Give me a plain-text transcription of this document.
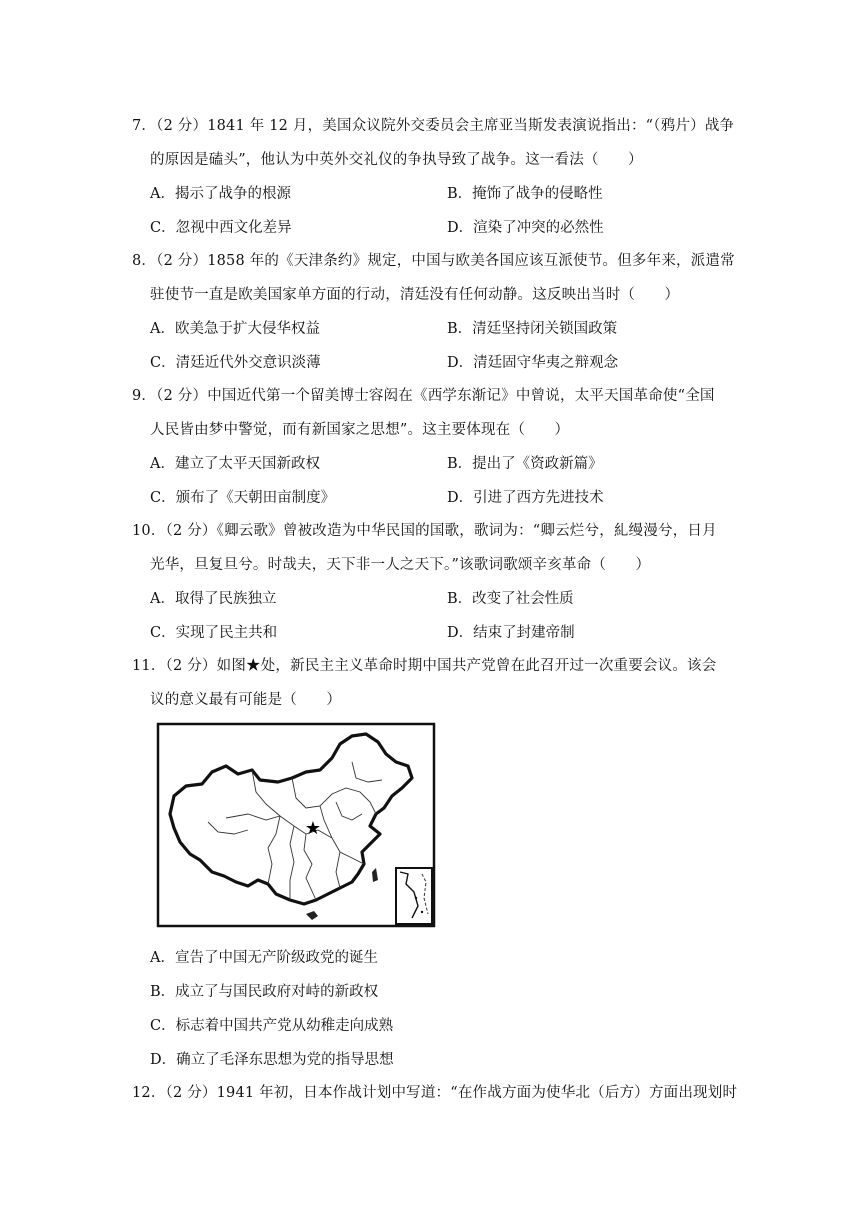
7．（2 分）1841 年 12 月，美国众议院外交委员会主席亚当斯发表演说指出：“（鸦片）战争
的原因是磕头”，他认为中英外交礼仪的争执导致了战争。这一看法（　　）
A．揭示了战争的根源	B．掩饰了战争的侵略性
C．忽视中西文化差异	D．渲染了冲突的必然性
8．（2 分）1858 年的《天津条约》规定，中国与欧美各国应该互派使节。但多年来，派遣常
驻使节一直是欧美国家单方面的行动，清廷没有任何动静。这反映出当时（　　）
A．欧美急于扩大侵华权益	B．清廷坚持闭关锁国政策
C．清廷近代外交意识淡薄	D．清廷固守华夷之辩观念
9．（2 分）中国近代第一个留美博士容闳在《西学东渐记》中曾说，太平天国革命使“全国
人民皆由梦中警觉，而有新国家之思想”。这主要体现在（　　）
A．建立了太平天国新政权	B．提出了《资政新篇》
C．颁布了《天朝田亩制度》	D．引进了西方先进技术
10．（2 分）《卿云歌》曾被改造为中华民国的国歌，歌词为：“卿云烂兮，糺缦漫兮，日月
光华，旦复旦兮。时哉夫，天下非一人之天下。”该歌词歌颂辛亥革命（　　）
A．取得了民族独立	B．改变了社会性质
C．实现了民主共和	D．结束了封建帝制
11．（2 分）如图★处，新民主主义革命时期中国共产党曾在此召开过一次重要会议。该会
议的意义最有可能是（　　）
★
A．宣告了中国无产阶级政党的诞生
B．成立了与国民政府对峙的新政权
C．标志着中国共产党从幼稚走向成熟
D．确立了毛泽东思想为党的指导思想
12．（2 分）1941 年初，日本作战计划中写道：“在作战方面为使华北（后方）方面出现划时
